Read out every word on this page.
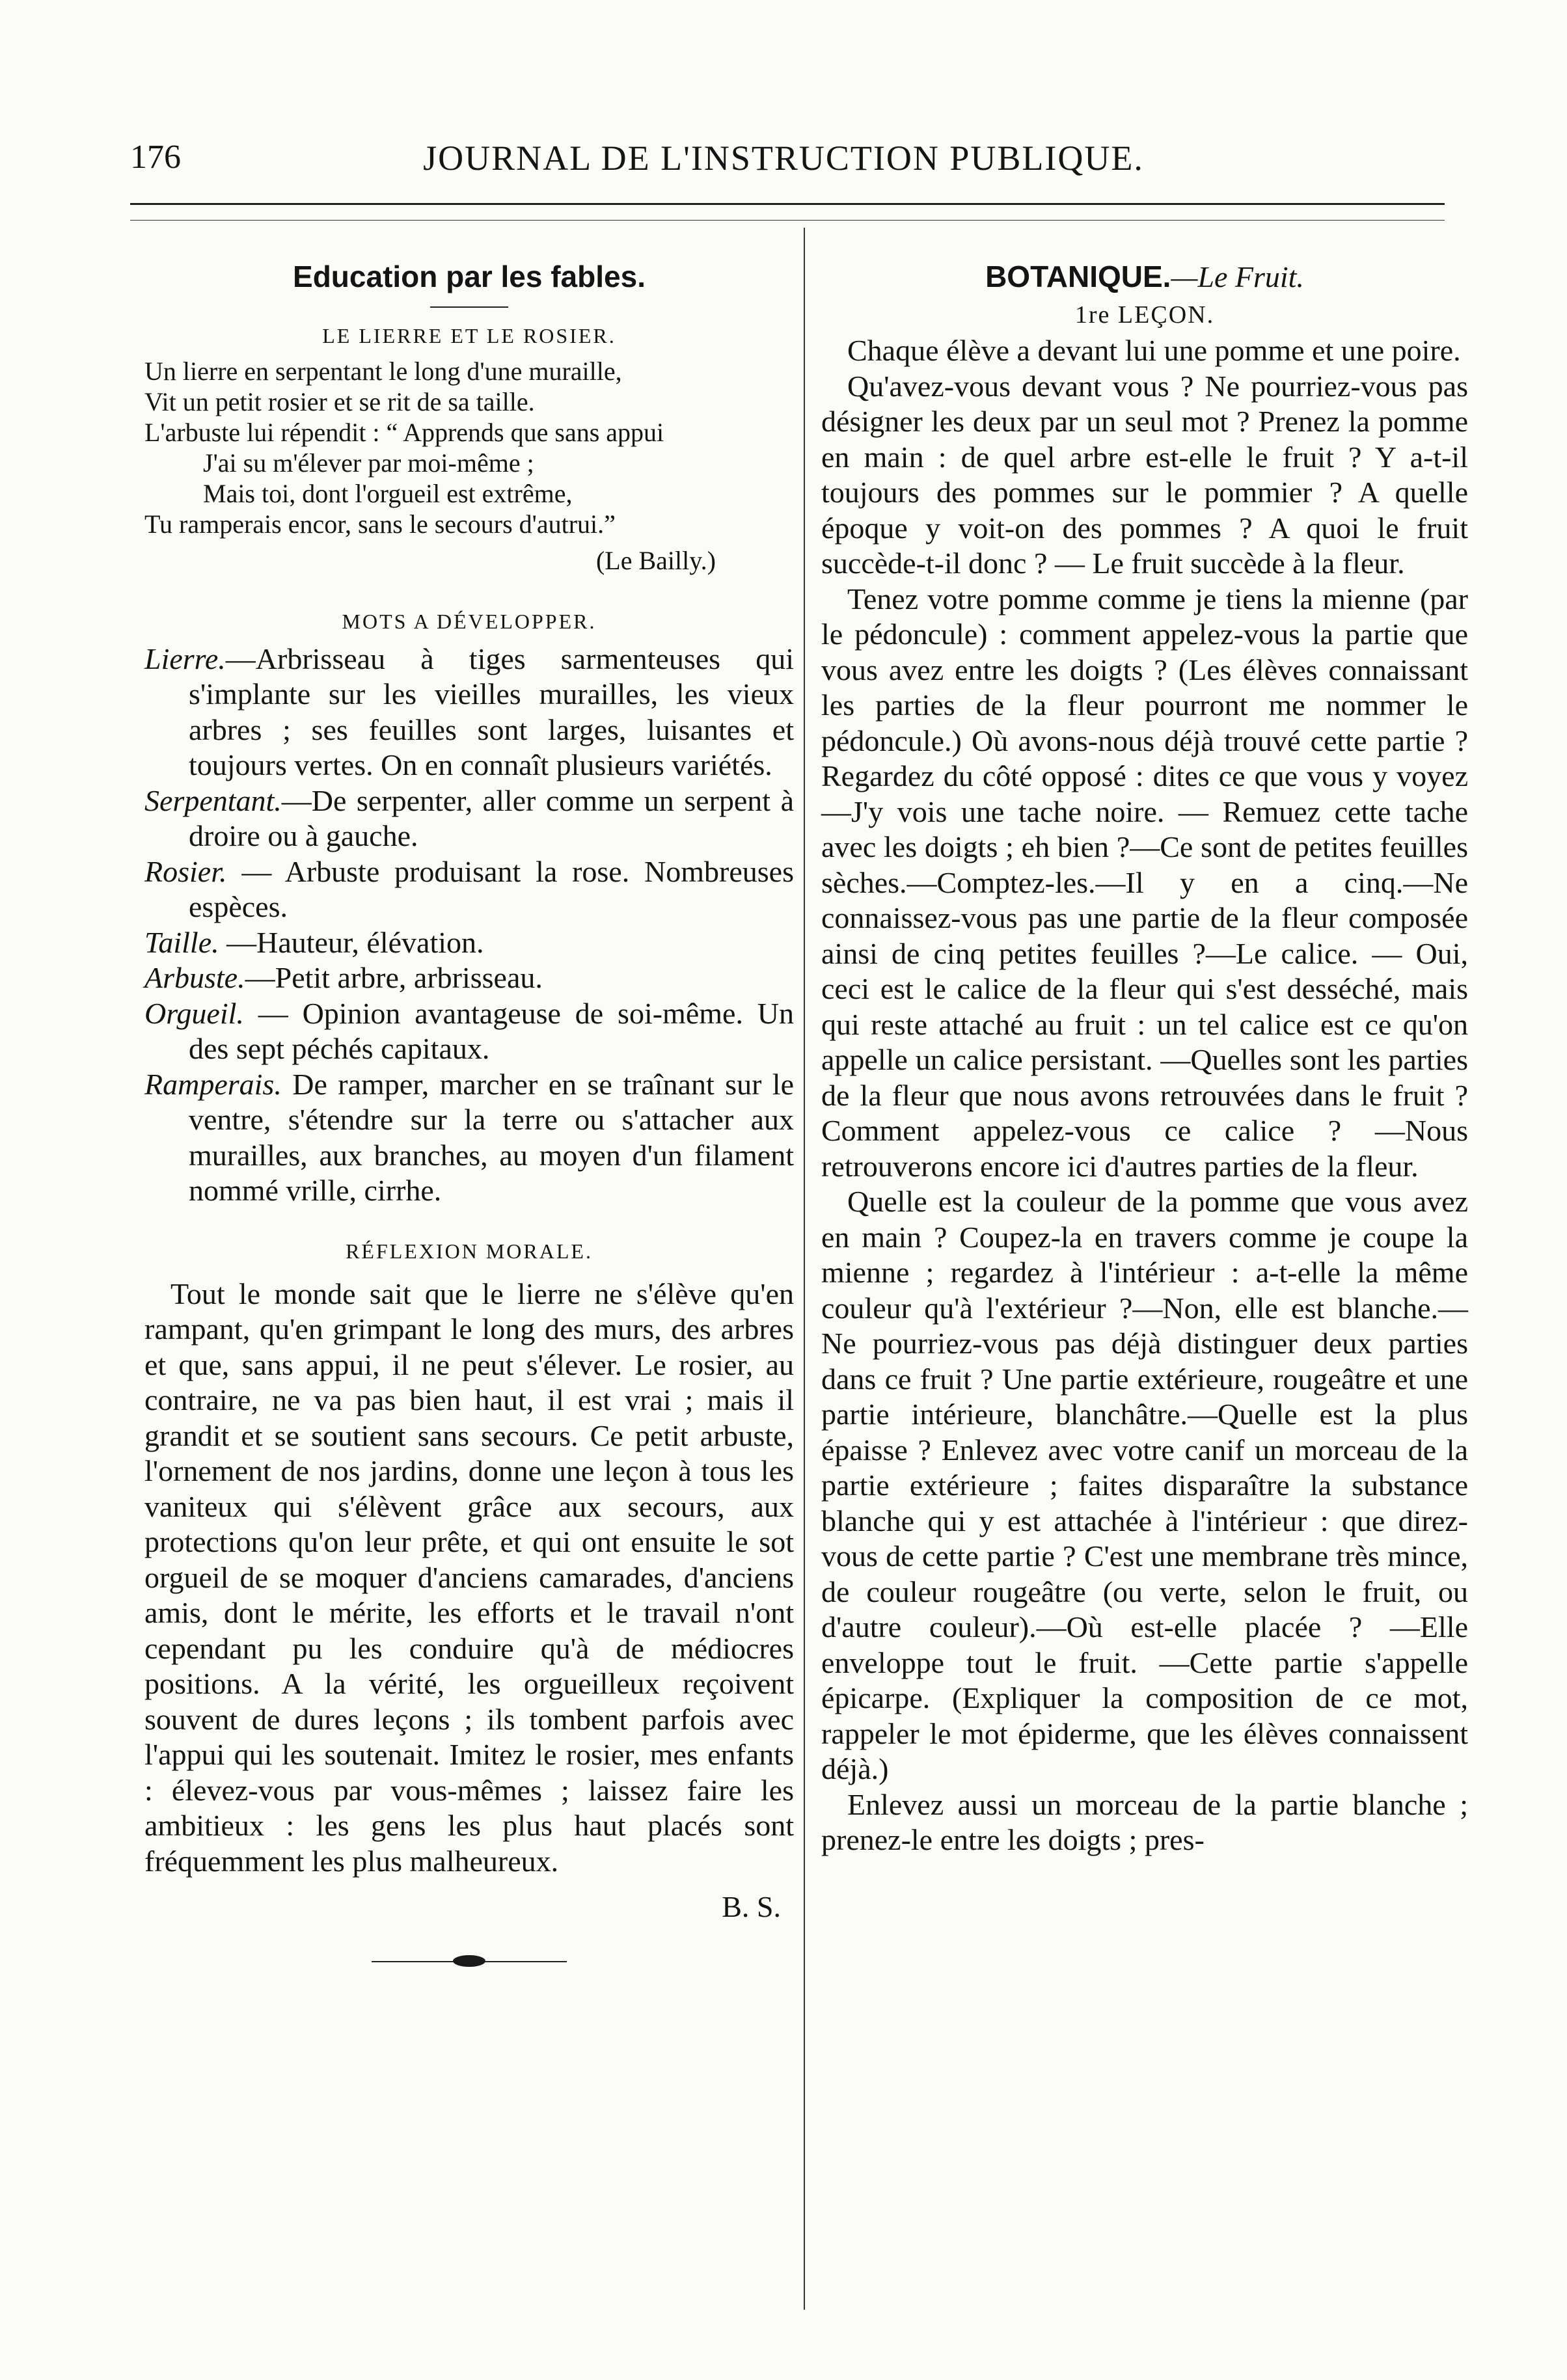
176	JOURNAL DE L'INSTRUCTION PUBLIQUE.
Education par les fables.
LE LIERRE ET LE ROSIER.
Un lierre en serpentant le long d'une muraille,
Vit un petit rosier et se rit de sa taille.
L'arbuste lui répendit : “ Apprends que sans appui
J'ai su m'élever par moi-même ;
Mais toi, dont l'orgueil est extrême,
Tu ramperais encor, sans le secours d'autrui.”
(Le Bailly.)
MOTS A DÉVELOPPER.
Lierre.—Arbrisseau à tiges sarmenteuses qui s'implante sur les vieilles murailles, les vieux arbres ; ses feuilles sont larges, luisantes et toujours vertes. On en connaît plusieurs variétés.
Serpentant.—De serpenter, aller comme un serpent à droire ou à gauche.
Rosier. — Arbuste produisant la rose. Nombreuses espèces.
Taille. —Hauteur, élévation.
Arbuste.—Petit arbre, arbrisseau.
Orgueil. — Opinion avantageuse de soi-même. Un des sept péchés capitaux.
Ramperais. De ramper, marcher en se traînant sur le ventre, s'étendre sur la terre ou s'attacher aux murailles, aux branches, au moyen d'un filament nommé vrille, cirrhe.
RÉFLEXION MORALE.
Tout le monde sait que le lierre ne s'élève qu'en rampant, qu'en grimpant le long des murs, des arbres et que, sans appui, il ne peut s'élever. Le rosier, au contraire, ne va pas bien haut, il est vrai ; mais il grandit et se soutient sans secours. Ce petit arbuste, l'ornement de nos jardins, donne une leçon à tous les vaniteux qui s'élèvent grâce aux secours, aux protections qu'on leur prête, et qui ont ensuite le sot orgueil de se moquer d'anciens camarades, d'anciens amis, dont le mérite, les efforts et le travail n'ont cependant pu les conduire qu'à de médiocres positions. A la vérité, les orgueilleux reçoivent souvent de dures leçons ; ils tombent parfois avec l'appui qui les soutenait. Imitez le rosier, mes enfants : élevez-vous par vous-mêmes ; laissez faire les ambitieux : les gens les plus haut placés sont fréquemment les plus malheureux.
B. S.
BOTANIQUE.—Le Fruit.
1re LEÇON.
Chaque élève a devant lui une pomme et une poire.
Qu'avez-vous devant vous ? Ne pourriez-vous pas désigner les deux par un seul mot ? Prenez la pomme en main : de quel arbre est-elle le fruit ? Y a-t-il toujours des pommes sur le pommier ? A quelle époque y voit-on des pommes ? A quoi le fruit succède-t-il donc ? — Le fruit succède à la fleur.
Tenez votre pomme comme je tiens la mienne (par le pédoncule) : comment appelez-vous la partie que vous avez entre les doigts ? (Les élèves connaissant les parties de la fleur pourront me nommer le pédoncule.) Où avons-nous déjà trouvé cette partie ? Regardez du côté opposé : dites ce que vous y voyez—J'y vois une tache noire. — Remuez cette tache avec les doigts ; eh bien ?—Ce sont de petites feuilles sèches.—Comptez-les.—Il y en a cinq.—Ne connaissez-vous pas une partie de la fleur composée ainsi de cinq petites feuilles ?—Le calice. — Oui, ceci est le calice de la fleur qui s'est desséché, mais qui reste attaché au fruit : un tel calice est ce qu'on appelle un calice persistant. —Quelles sont les parties de la fleur que nous avons retrouvées dans le fruit ? Comment appelez-vous ce calice ? —Nous retrouverons encore ici d'autres parties de la fleur.
Quelle est la couleur de la pomme que vous avez en main ? Coupez-la en travers comme je coupe la mienne ; regardez à l'intérieur : a-t-elle la même couleur qu'à l'extérieur ?—Non, elle est blanche.—Ne pourriez-vous pas déjà distinguer deux parties dans ce fruit ? Une partie extérieure, rougeâtre et une partie intérieure, blanchâtre.—Quelle est la plus épaisse ? Enlevez avec votre canif un morceau de la partie extérieure ; faites disparaître la substance blanche qui y est attachée à l'intérieur : que direz-vous de cette partie ? C'est une membrane très mince, de couleur rougeâtre (ou verte, selon le fruit, ou d'autre couleur).—Où est-elle placée ? —Elle enveloppe tout le fruit. —Cette partie s'appelle épicarpe. (Expliquer la composition de ce mot, rappeler le mot épiderme, que les élèves connaissent déjà.)
Enlevez aussi un morceau de la partie blanche ; prenez-le entre les doigts ; pres-
